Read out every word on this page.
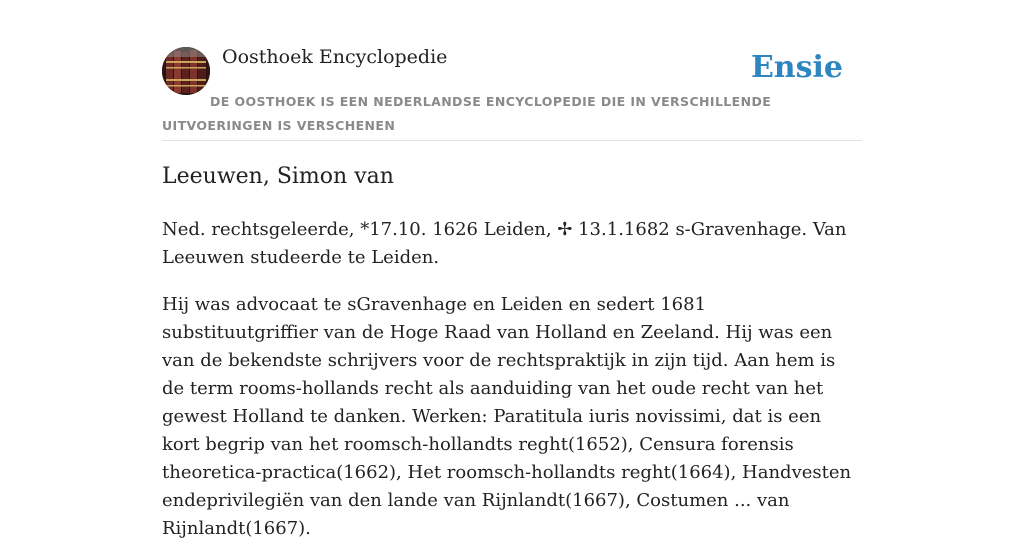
Oosthoek Encyclopedie	Ensie
DE OOSTHOEK IS EEN NEDERLANDSE ENCYCLOPEDIE DIE IN VERSCHILLENDE UITVOERINGEN IS VERSCHENEN
Leeuwen, Simon van

Ned. rechtsgeleerde, *17.10. 1626 Leiden, ✢ 13.1.1682 s-Gravenhage. Van Leeuwen studeerde te Leiden.

Hij was advocaat te sGravenhage en Leiden en sedert 1681 substituutgriffier van de Hoge Raad van Holland en Zeeland. Hij was een van de bekendste schrijvers voor de rechtspraktijk in zijn tijd. Aan hem is de term rooms-hollands recht als aanduiding van het oude recht van het gewest Holland te danken. Werken: Paratitula iuris novissimi, dat is een kort begrip van het roomsch-hollandts reght(1652), Censura forensis theoretica-practica(1662), Het roomsch-hollandts reght(1664), Handvesten endeprivilegiën van den lande van Rijnlandt(1667), Costumen ... van Rijnlandt(1667).
